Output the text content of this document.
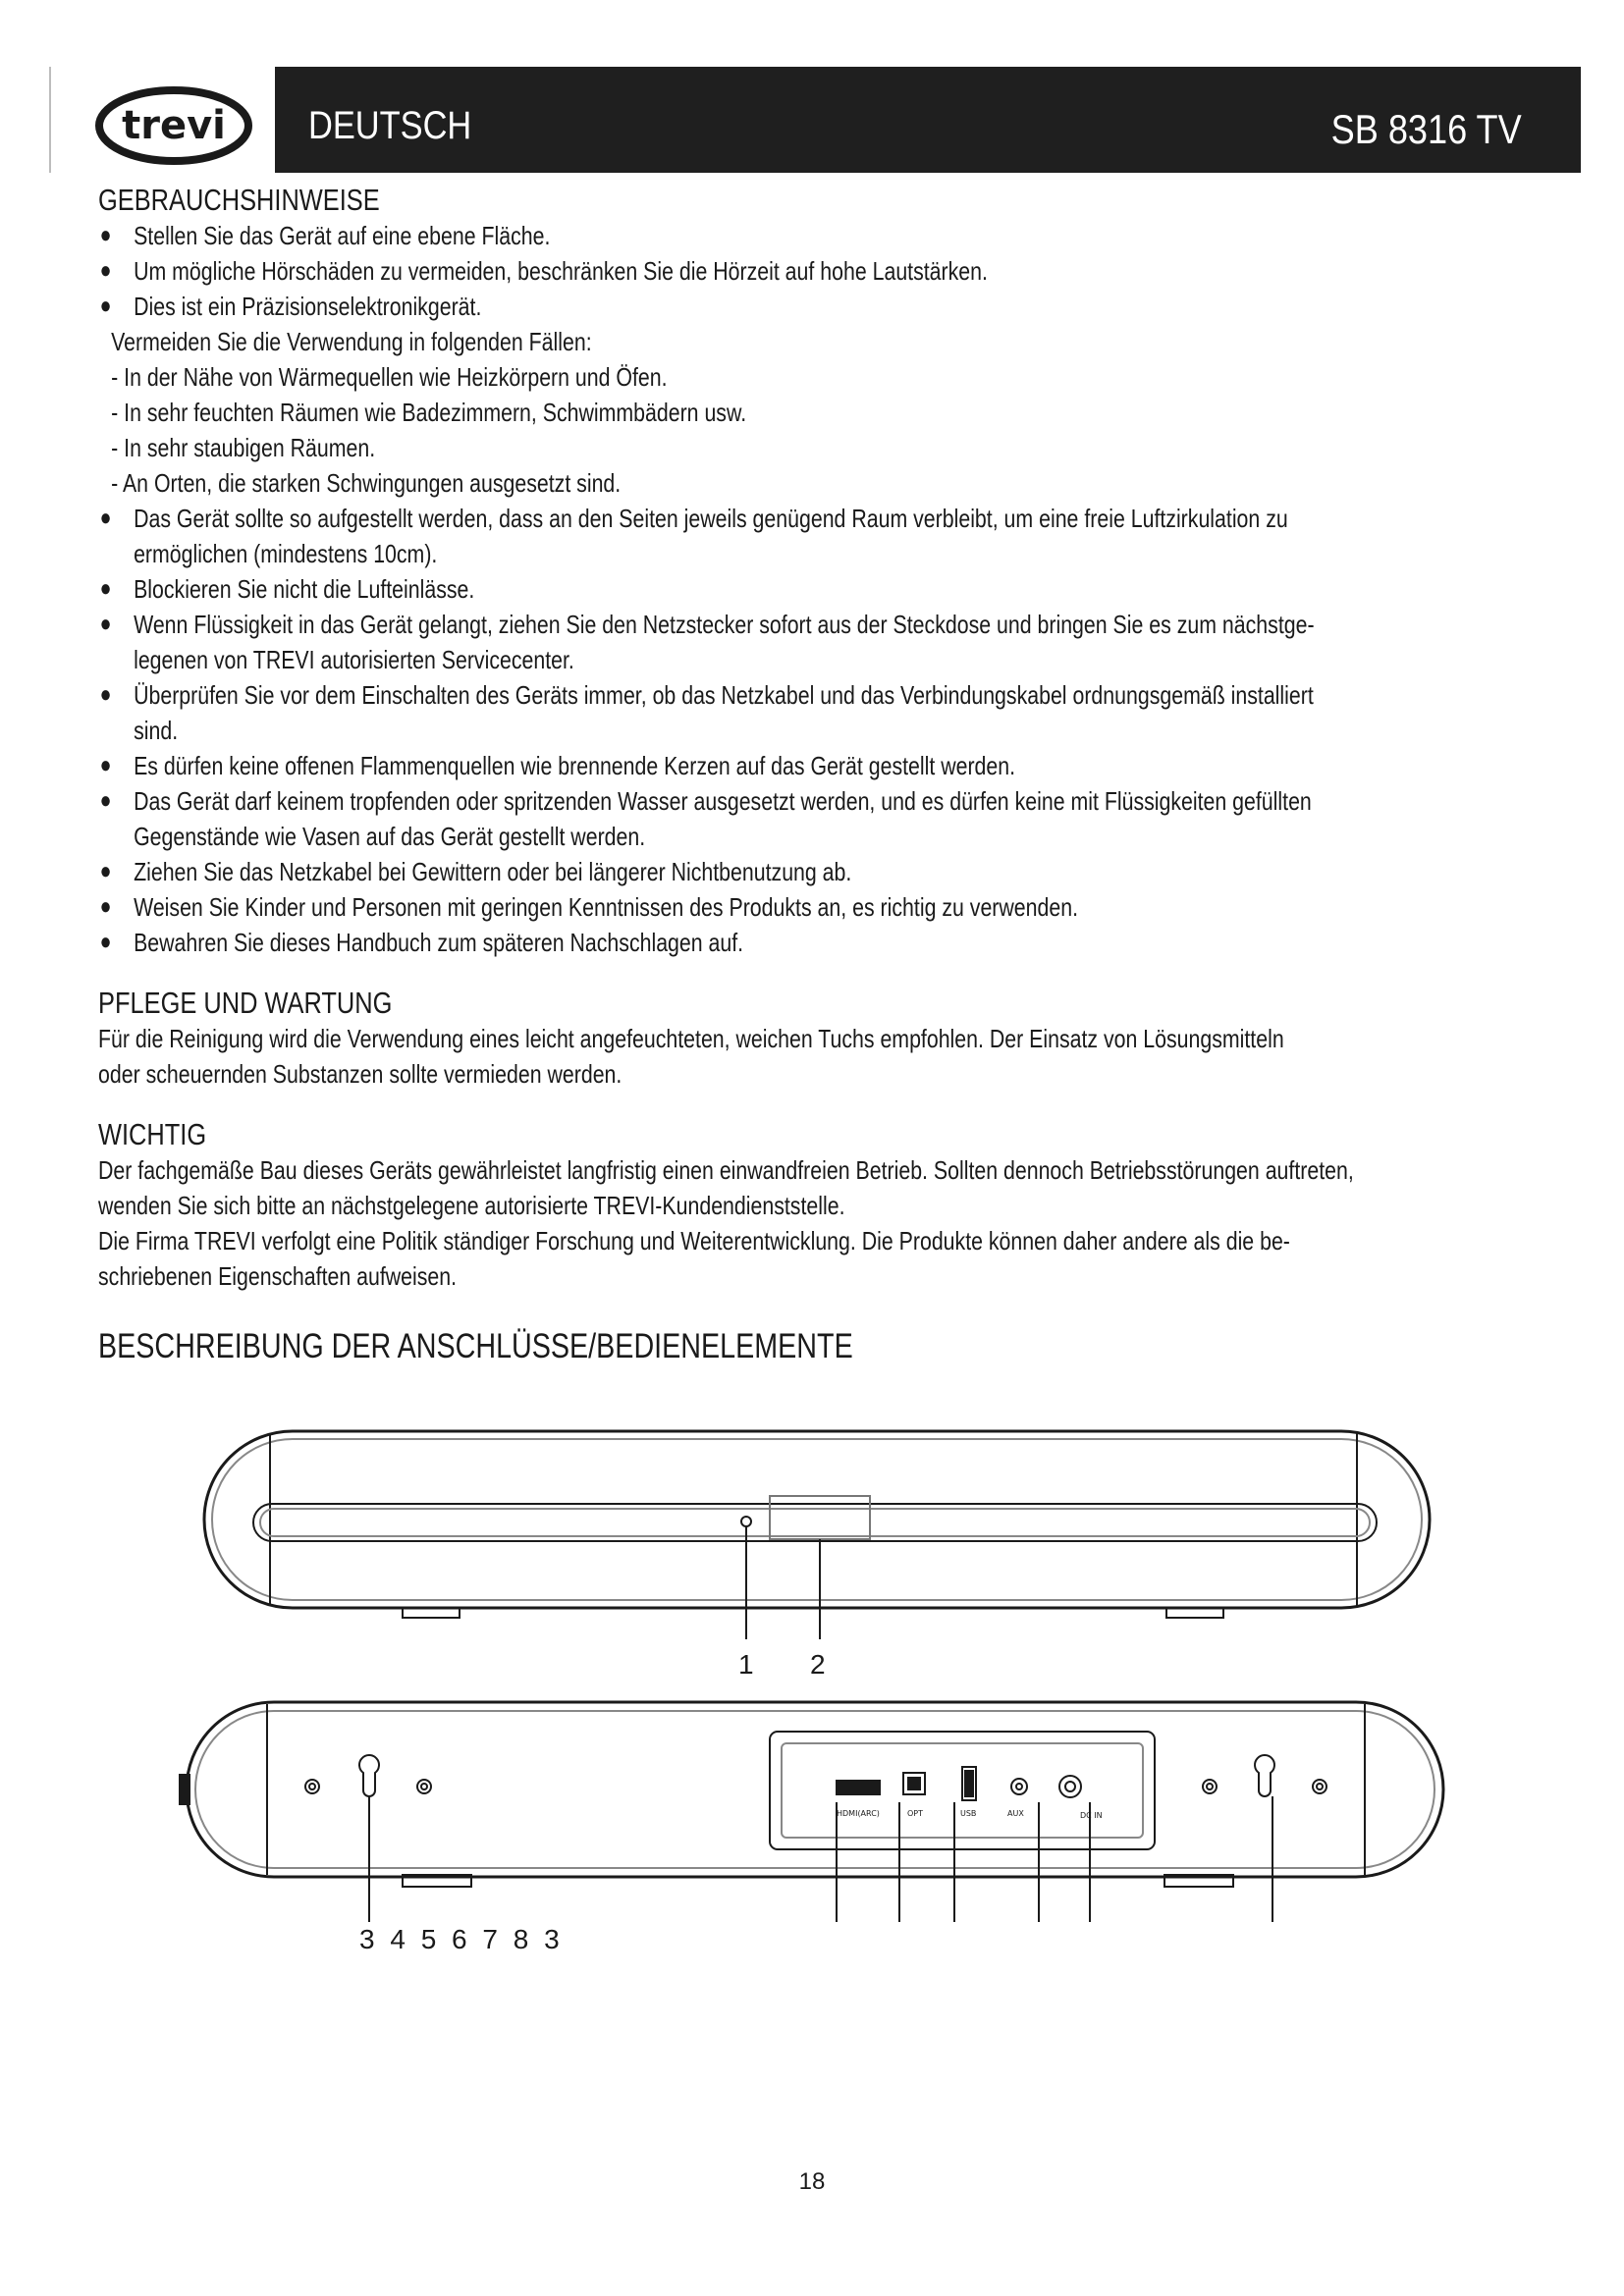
trevi DEUTSCH	SB 8316 TV
GEBRAUCHSHINWEISE
● Stellen Sie das Gerät auf eine ebene Fläche.
● Um mögliche Hörschäden zu vermeiden, beschränken Sie die Hörzeit auf hohe Lautstärken.
● Dies ist ein Präzisionselektronikgerät.
Vermeiden Sie die Verwendung in folgenden Fällen:
- In der Nähe von Wärmequellen wie Heizkörpern und Öfen.
- In sehr feuchten Räumen wie Badezimmern, Schwimmbädern usw.
- In sehr staubigen Räumen.
- An Orten, die starken Schwingungen ausgesetzt sind.
● Das Gerät sollte so aufgestellt werden, dass an den Seiten jeweils genügend Raum verbleibt, um eine freie Luftzirkulation zu
ermöglichen (mindestens 10cm).
● Blockieren Sie nicht die Lufteinlässe.
● Wenn Flüssigkeit in das Gerät gelangt, ziehen Sie den Netzstecker sofort aus der Steckdose und bringen Sie es zum nächstge-
legenen von TREVI autorisierten Servicecenter.
● Überprüfen Sie vor dem Einschalten des Geräts immer, ob das Netzkabel und das Verbindungskabel ordnungsgemäß installiert
sind.
● Es dürfen keine offenen Flammenquellen wie brennende Kerzen auf das Gerät gestellt werden.
● Das Gerät darf keinem tropfenden oder spritzenden Wasser ausgesetzt werden, und es dürfen keine mit Flüssigkeiten gefüllten
Gegenstände wie Vasen auf das Gerät gestellt werden.
● Ziehen Sie das Netzkabel bei Gewittern oder bei längerer Nichtbenutzung ab.
● Weisen Sie Kinder und Personen mit geringen Kenntnissen des Produkts an, es richtig zu verwenden.
● Bewahren Sie dieses Handbuch zum späteren Nachschlagen auf.
PFLEGE UND WARTUNG
Für die Reinigung wird die Verwendung eines leicht angefeuchteten, weichen Tuchs empfohlen. Der Einsatz von Lösungsmitteln
oder scheuernden Substanzen sollte vermieden werden.
WICHTIG
Der fachgemäße Bau dieses Geräts gewährleistet langfristig einen einwandfreien Betrieb. Sollten dennoch Betriebsstörungen auftreten,
wenden Sie sich bitte an nächstgelegene autorisierte TREVI-Kundendienststelle.
Die Firma TREVI verfolgt eine Politik ständiger Forschung und Weiterentwicklung. Die Produkte können daher andere als die be-
schriebenen Eigenschaften aufweisen.
BESCHREIBUNG DER ANSCHLÜSSE/BEDIENELEMENTE
HDMI(ARC)	OPT	USB	AUX	DC IN
1 2
3 4 5 6 7 8 3
18
